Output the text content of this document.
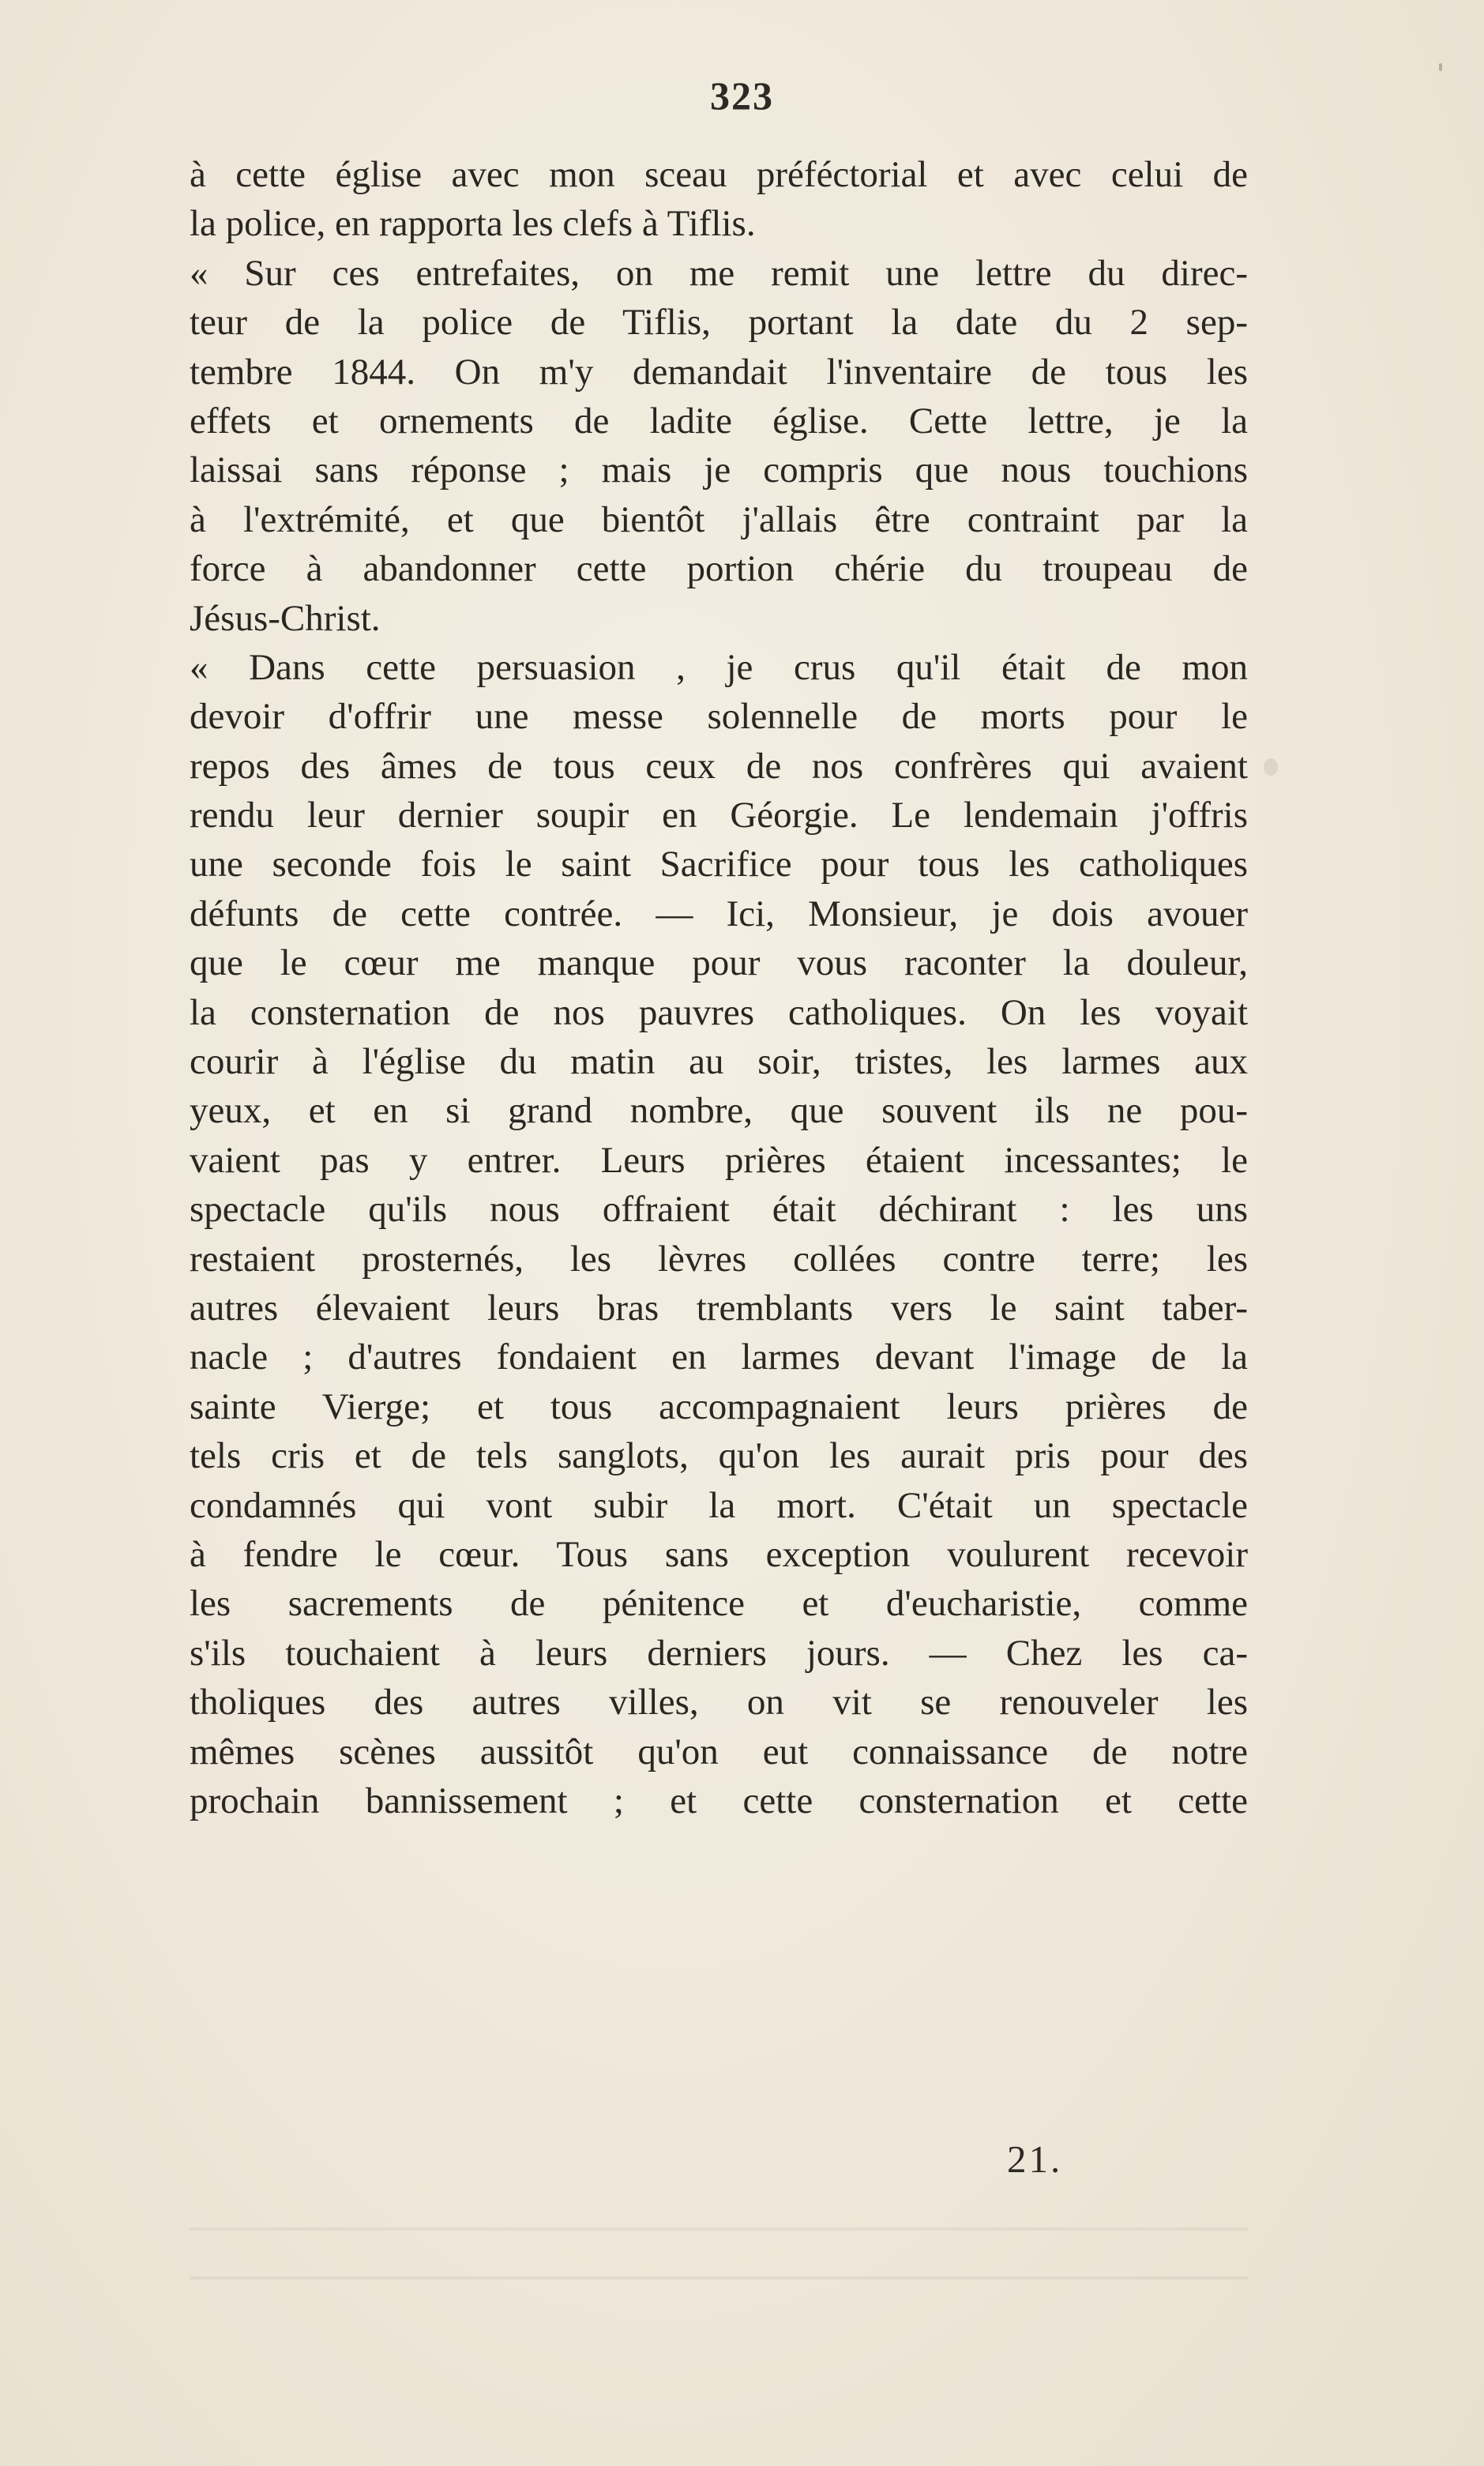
323
à cette église avec mon sceau préféctorial et avec celui de
la police, en rapporta les clefs à Tiflis.
« Sur ces entrefaites, on me remit une lettre du direc-
teur de la police de Tiflis, portant la date du 2 sep-
tembre 1844. On m'y demandait l'inventaire de tous les
effets et ornements de ladite église. Cette lettre, je la
laissai sans réponse ; mais je compris que nous touchions
à l'extrémité, et que bientôt j'allais être contraint par la
force à abandonner cette portion chérie du troupeau de
Jésus-Christ.
« Dans cette persuasion , je crus qu'il était de mon
devoir d'offrir une messe solennelle de morts pour le
repos des âmes de tous ceux de nos confrères qui avaient
rendu leur dernier soupir en Géorgie. Le lendemain j'offris
une seconde fois le saint Sacrifice pour tous les catholiques
défunts de cette contrée. — Ici, Monsieur, je dois avouer
que le cœur me manque pour vous raconter la douleur,
la consternation de nos pauvres catholiques. On les voyait
courir à l'église du matin au soir, tristes, les larmes aux
yeux, et en si grand nombre, que souvent ils ne pou-
vaient pas y entrer. Leurs prières étaient incessantes; le
spectacle qu'ils nous offraient était déchirant : les uns
restaient prosternés, les lèvres collées contre terre; les
autres élevaient leurs bras tremblants vers le saint taber-
nacle ; d'autres fondaient en larmes devant l'image de la
sainte Vierge; et tous accompagnaient leurs prières de
tels cris et de tels sanglots, qu'on les aurait pris pour des
condamnés qui vont subir la mort. C'était un spectacle
à fendre le cœur. Tous sans exception voulurent recevoir
les sacrements de pénitence et d'eucharistie, comme
s'ils touchaient à leurs derniers jours. — Chez les ca-
tholiques des autres villes, on vit se renouveler les
mêmes scènes aussitôt qu'on eut connaissance de notre
prochain bannissement ; et cette consternation et cette
21.
